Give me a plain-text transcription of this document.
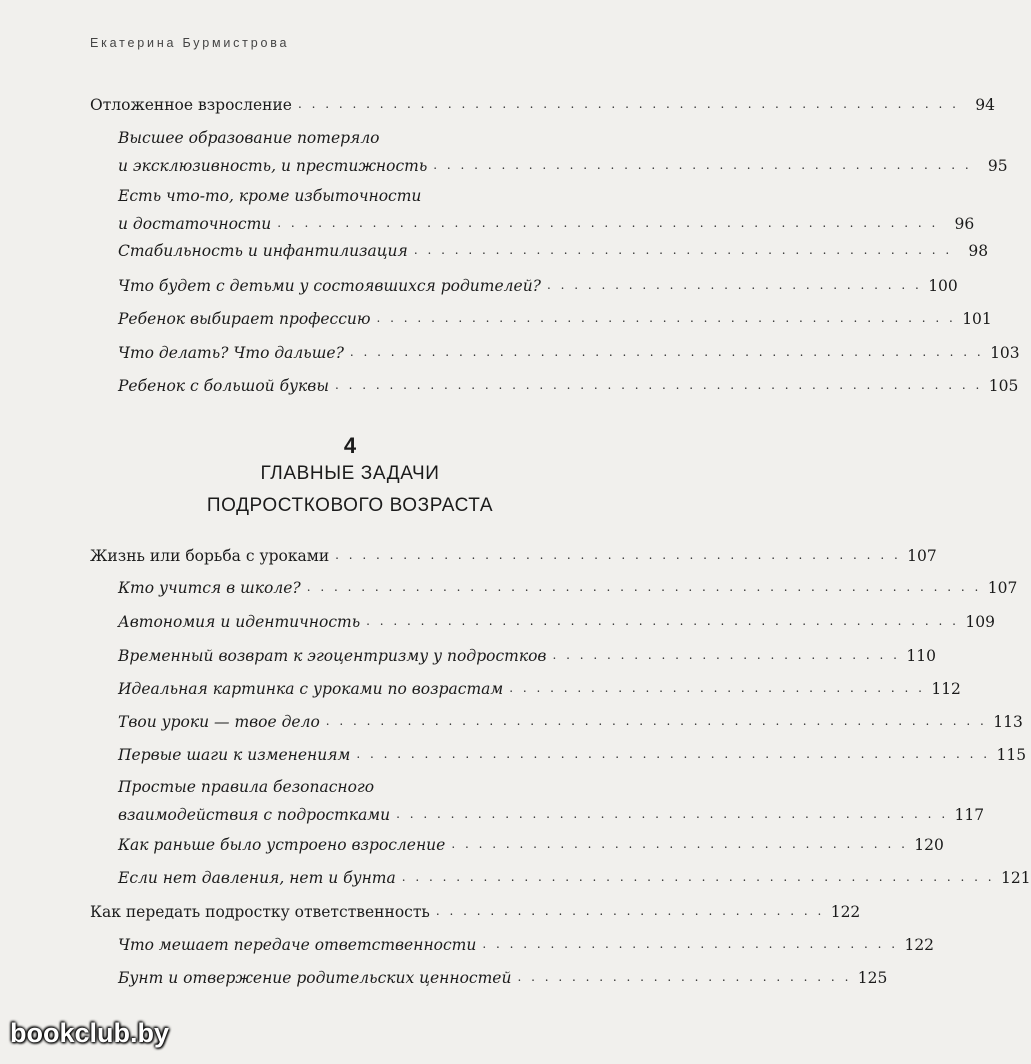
Екатерина Бурмистрова
Отложенное взросление . . . . . . . . . . . . . . . . . . . . . . . . . . . . . . . . . . . . . . . . . . . . . . . . .	94
Высшее образование потеряло
и эксклюзивность, и престижность . . . . . . . . . . . . . . . . . . . . . . . . . . . . . . . . . . . . . . . .	95
Есть что-то, кроме избыточности
и достаточности . . . . . . . . . . . . . . . . . . . . . . . . . . . . . . . . . . . . . . . . . . . . . . . . .	96
Стабильность и инфантилизация . . . . . . . . . . . . . . . . . . . . . . . . . . . . . . . . . . . . . . . .	98
Что будет с детьми у состоявшихся родителей? . . . . . . . . . . . . . . . . . . . . . . . . . . . . 100
Ребенок выбирает профессию . . . . . . . . . . . . . . . . . . . . . . . . . . . . . . . . . . . . . . . . . . . 101
Что делать? Что дальше? . . . . . . . . . . . . . . . . . . . . . . . . . . . . . . . . . . . . . . . . . . . . . . . 103
Ребенок с большой буквы . . . . . . . . . . . . . . . . . . . . . . . . . . . . . . . . . . . . . . . . . . . . . . . . 105
4
ГЛАВНЫЕ ЗАДАЧИ
ПОДРОСТКОВОГО ВОЗРАСТА
Жизнь или борьба с уроками . . . . . . . . . . . . . . . . . . . . . . . . . . . . . . . . . . . . . . . . . . 107
Кто учится в школе? . . . . . . . . . . . . . . . . . . . . . . . . . . . . . . . . . . . . . . . . . . . . . . . . . . 107
Автономия и идентичность . . . . . . . . . . . . . . . . . . . . . . . . . . . . . . . . . . . . . . . . . . . . 109
Временный возврат к эгоцентризму у подростков . . . . . . . . . . . . . . . . . . . . . . . . . . 110
Идеальная картинка с уроками по возрастам . . . . . . . . . . . . . . . . . . . . . . . . . . . . . . . 112
Твои уроки — твое дело . . . . . . . . . . . . . . . . . . . . . . . . . . . . . . . . . . . . . . . . . . . . . . . . . 113
Первые шаги к изменениям . . . . . . . . . . . . . . . . . . . . . . . . . . . . . . . . . . . . . . . . . . . . . . . 115
Простые правила безопасного
взаимодействия с подростками . . . . . . . . . . . . . . . . . . . . . . . . . . . . . . . . . . . . . . . . . 117
Как раньше было устроено взросление . . . . . . . . . . . . . . . . . . . . . . . . . . . . . . . . . . 120
Если нет давления, нет и бунта . . . . . . . . . . . . . . . . . . . . . . . . . . . . . . . . . . . . . . . . . . . . 121
Как передать подростку ответственность . . . . . . . . . . . . . . . . . . . . . . . . . . . . . 122
Что мешает передаче ответственности . . . . . . . . . . . . . . . . . . . . . . . . . . . . . . . 122
Бунт и отвержение родительских ценностей . . . . . . . . . . . . . . . . . . . . . . . . . 125
bookclub.by
